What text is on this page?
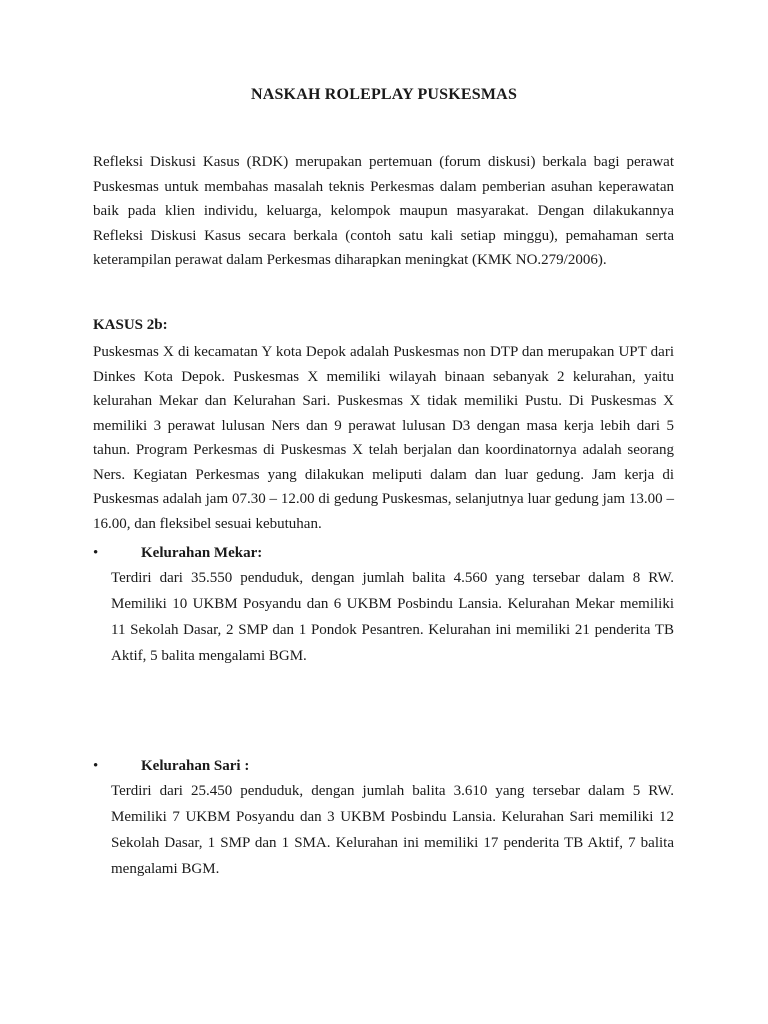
NASKAH ROLEPLAY PUSKESMAS
Refleksi Diskusi Kasus (RDK) merupakan pertemuan (forum diskusi) berkala bagi perawat Puskesmas untuk membahas masalah teknis Perkesmas dalam pemberian asuhan keperawatan baik pada klien individu, keluarga, kelompok maupun masyarakat. Dengan dilakukannya Refleksi Diskusi Kasus secara berkala (contoh satu kali setiap minggu), pemahaman serta keterampilan perawat dalam Perkesmas diharapkan meningkat (KMK NO.279/2006).
KASUS 2b:
Puskesmas X di kecamatan Y kota Depok adalah Puskesmas non DTP dan merupakan UPT dari Dinkes Kota Depok. Puskesmas X memiliki wilayah binaan sebanyak 2 kelurahan, yaitu kelurahan Mekar dan Kelurahan Sari. Puskesmas X tidak memiliki Pustu. Di Puskesmas X memiliki 3 perawat lulusan Ners dan 9 perawat lulusan D3 dengan masa kerja lebih dari 5 tahun. Program Perkesmas di Puskesmas X telah berjalan dan koordinatornya adalah seorang Ners. Kegiatan Perkesmas yang dilakukan meliputi dalam dan luar gedung. Jam kerja di Puskesmas adalah jam 07.30 – 12.00 di gedung Puskesmas, selanjutnya luar gedung jam 13.00 – 16.00, dan fleksibel sesuai kebutuhan.
•	Kelurahan Mekar:
Terdiri dari 35.550 penduduk, dengan jumlah balita 4.560 yang tersebar dalam 8 RW. Memiliki 10 UKBM Posyandu dan 6 UKBM Posbindu Lansia. Kelurahan Mekar memiliki 11 Sekolah Dasar, 2 SMP dan 1 Pondok Pesantren. Kelurahan ini memiliki 21 penderita TB Aktif, 5 balita mengalami BGM.
•	Kelurahan Sari :
Terdiri dari 25.450 penduduk, dengan jumlah balita 3.610 yang tersebar dalam 5 RW. Memiliki 7 UKBM Posyandu dan 3 UKBM Posbindu Lansia. Kelurahan Sari memiliki 12 Sekolah Dasar, 1 SMP dan 1 SMA. Kelurahan ini memiliki 17 penderita TB Aktif, 7 balita mengalami BGM.
